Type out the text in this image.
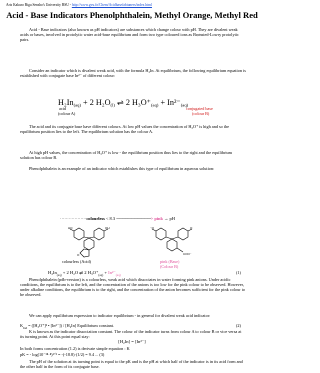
Arts Kakuro Biga Sensho's University BSU - http://www.gvu.fo/Chem/Acidbasefabtuners/index.html
Acid - Base Indicators Phenolphthalein, Methyl Orange, Methyl Red

Acid - Base indicators (also known as pH indicators) are substances which change colour with pH. They are divalent weak acids or bases, involved in protolytic water acid-base equilibrium and form two type coloured ions as Brønsted-Lowry protolytic pairs.

Consider an indicator which is divalent weak acid, with the formula H₂In. At equilibrium, the following equilibrium equation is established with conjugate base In²⁻ of different colour:

$H_2In_{(aq)} + 2$ $H_2O_{(l)}$ ⇌ 2 $H_3O^+_{(aq)} + In^{2-}_{(aq)}$
acid
(colour A)
conjugated base
(colour B)

The acid and its conjugate base have different colours. At low pH values the concentration of H₃O⁺ is high and so the equilibrium position lies to the left. The equilibrium solution has the colour A.

At high pH values, the concentration of H₃O⁺ is low - the equilibrium position thus lies to the right and the equilibrium solution has colour B.

Phenolphthalein is an example of an indicator which establishes this type of equilibrium in aqueous solution:

··················colourless < 8.3 ------------------------------------> pink → pH
HO	OH
O
⁻O	O
COO⁻
colourless (Acid)	pink (Base)
(Colour B)
$H_2In_{(aq)} + 2$ H₂O ⇌ 2 $H_3O^+_{(aq)} + In^{2-}_{(aq)}$	(1)

Phenolphthalein (pdb-version) is a colourless, weak acid which dissociates in water forming pink anions. Under acidic conditions, the equilibrium is to the left, and the concentration of the anions is too low for the pink colour to be observed. However, under alkaline conditions, the equilibrium is to the right, and the concentration of the anion becomes sufficient for the pink colour to be observed.

We can apply equilibrium expression to indicator equilibrium - in general for divalent weak acid indicator:

$K_{Ind} = ([H_3O^+]^2$ • [In²⁻]) / [H₂In] Equilibrium constant.	(2)

K is known as the indicator dissociation constant. The colour of the indicator turns from colour A to colour B or vice versa at its turning point. At this point equal stay:

[H₂In] = [In²⁻]
In both forms concentration (1.2) is derivate simple equation : K
pK = - log(10⁻¹⁸·⁸)¹ᐟ² = -(-18.8)·(1/2) = 9.4 ... (3)

The pH of the solution at its turning point is equal to the pK and is the pH at which half of the indicator is in its acid form and the other half in the form of its conjugate base.
